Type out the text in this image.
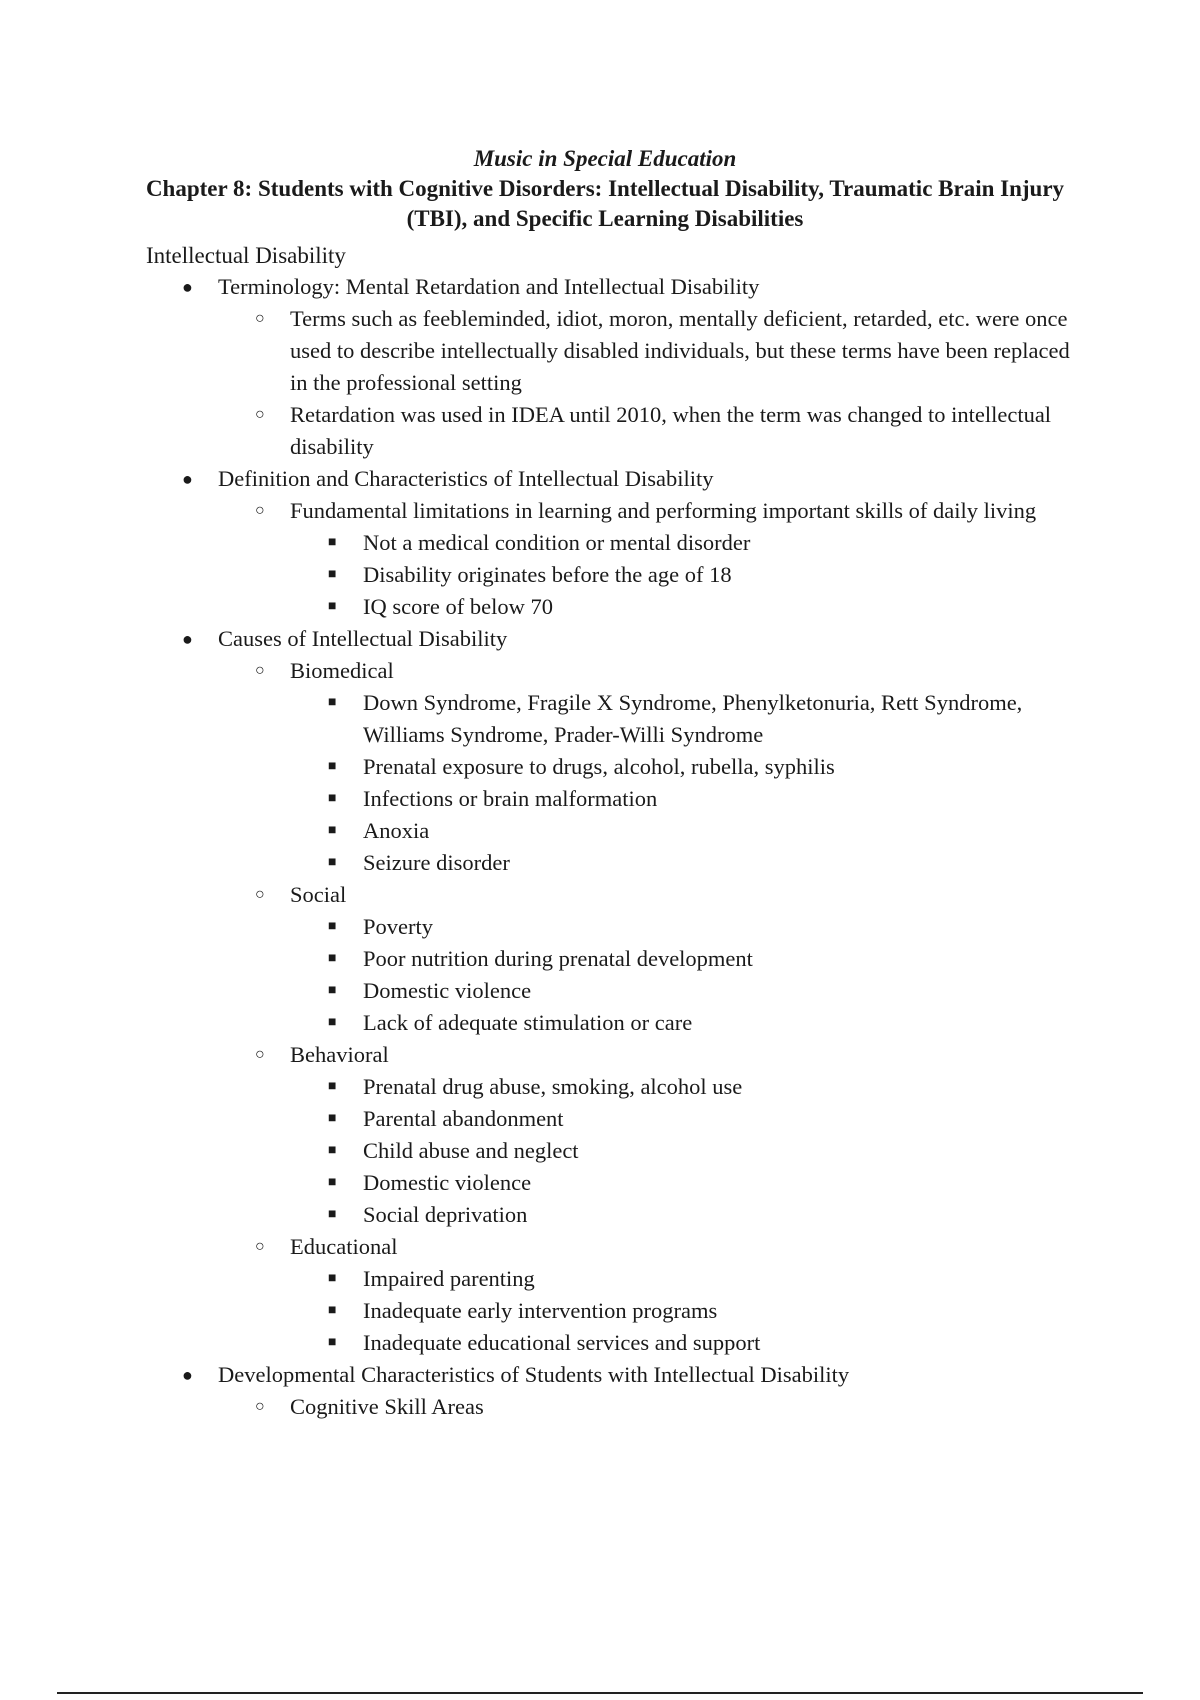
Music in Special Education
Chapter 8: Students with Cognitive Disorders: Intellectual Disability, Traumatic Brain Injury (TBI), and Specific Learning Disabilities
Intellectual Disability
● Terminology: Mental Retardation and Intellectual Disability
○ Terms such as feebleminded, idiot, moron, mentally deficient, retarded, etc. were once used to describe intellectually disabled individuals, but these terms have been replaced in the professional setting
○ Retardation was used in IDEA until 2010, when the term was changed to intellectual disability
● Definition and Characteristics of Intellectual Disability
○ Fundamental limitations in learning and performing important skills of daily living
■ Not a medical condition or mental disorder
■ Disability originates before the age of 18
■ IQ score of below 70
● Causes of Intellectual Disability
○ Biomedical
■ Down Syndrome, Fragile X Syndrome, Phenylketonuria, Rett Syndrome, Williams Syndrome, Prader-Willi Syndrome
■ Prenatal exposure to drugs, alcohol, rubella, syphilis
■ Infections or brain malformation
■ Anoxia
■ Seizure disorder
○ Social
■ Poverty
■ Poor nutrition during prenatal development
■ Domestic violence
■ Lack of adequate stimulation or care
○ Behavioral
■ Prenatal drug abuse, smoking, alcohol use
■ Parental abandonment
■ Child abuse and neglect
■ Domestic violence
■ Social deprivation
○ Educational
■ Impaired parenting
■ Inadequate early intervention programs
■ Inadequate educational services and support
● Developmental Characteristics of Students with Intellectual Disability
○ Cognitive Skill Areas
